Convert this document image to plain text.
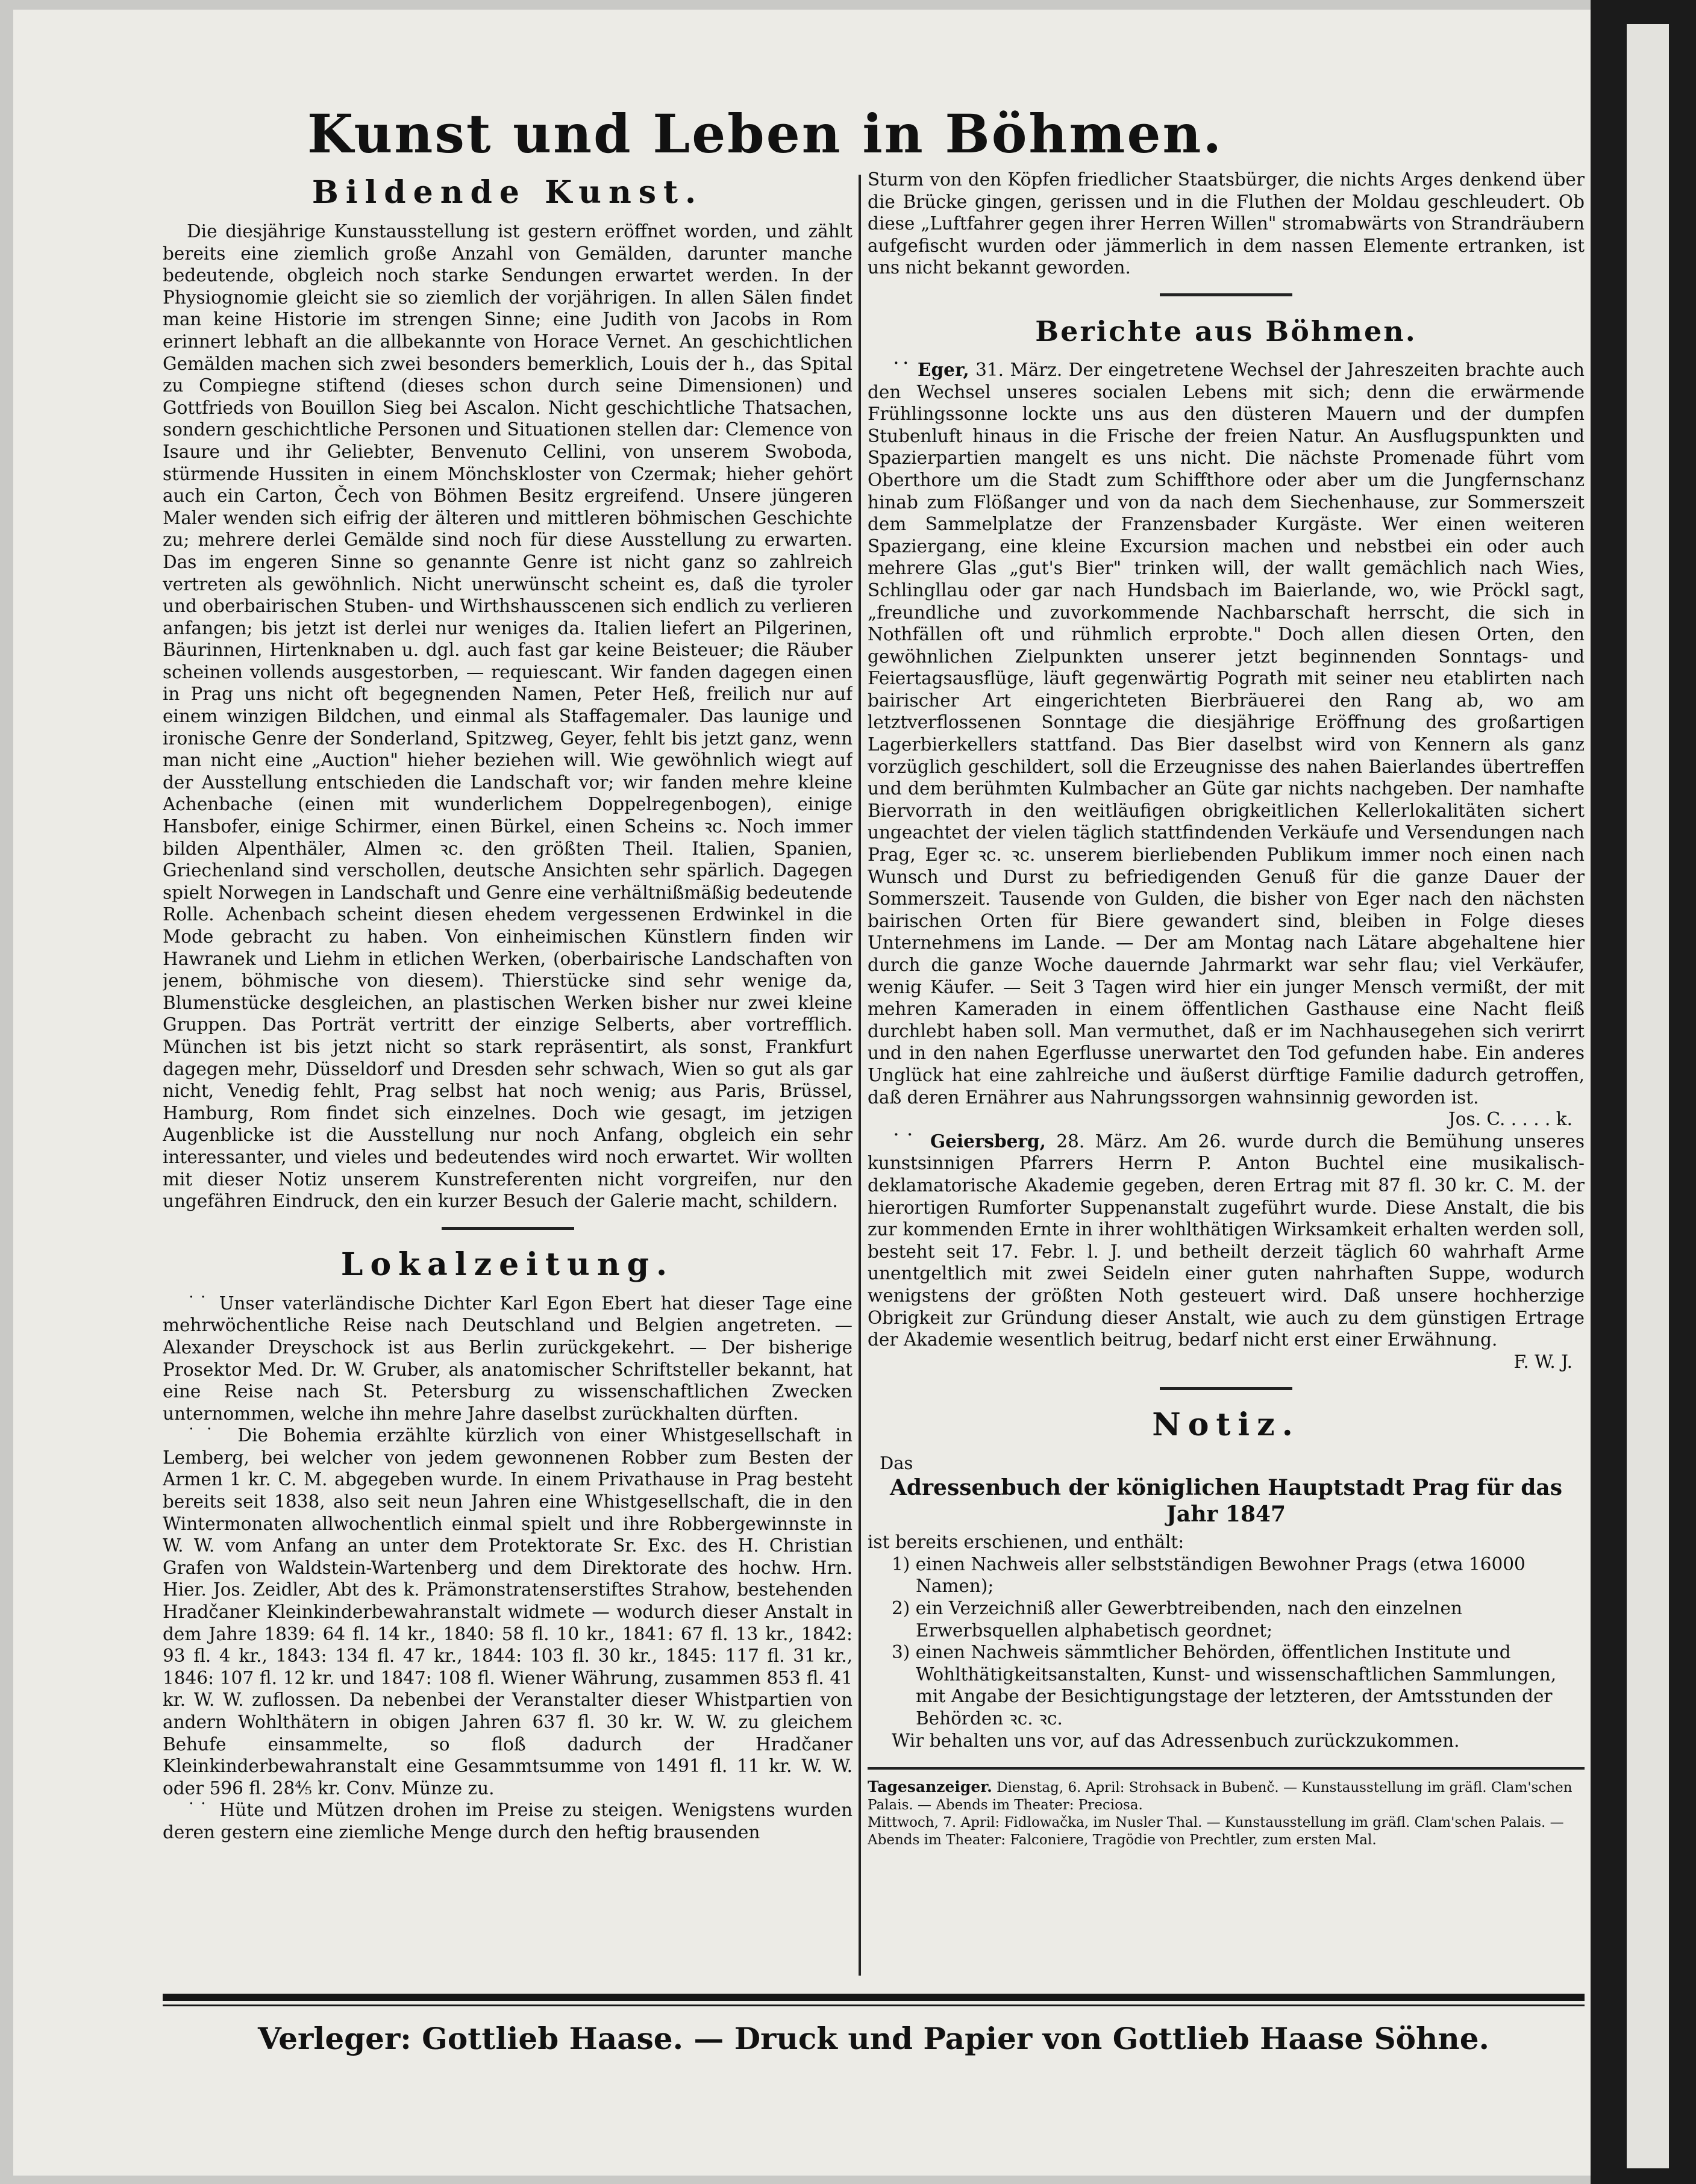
Kunst und Leben in Böhmen.
Bildende Kunst.

Die diesjährige Kunstausstellung ist gestern eröffnet worden, und zählt bereits eine ziemlich große Anzahl von Gemälden, darunter manche bedeutende, obgleich noch starke Sendungen erwartet werden. In der Physiognomie gleicht sie so ziemlich der vorjährigen. In allen Sälen findet man keine Historie im strengen Sinne; eine Judith von Jacobs in Rom erinnert lebhaft an die allbekannte von Horace Vernet. An geschichtlichen Gemälden machen sich zwei besonders bemerklich, Louis der h., das Spital zu Compiegne stiftend (dieses schon durch seine Dimensionen) und Gottfrieds von Bouillon Sieg bei Ascalon. Nicht geschichtliche Thatsachen, sondern geschichtliche Personen und Situationen stellen dar: Clemence von Isaure und ihr Geliebter, Benvenuto Cellini, von unserem Swoboda, stürmende Hussiten in einem Mönchskloster von Czermak; hieher gehört auch ein Carton, Čech von Böhmen Besitz ergreifend. Unsere jüngeren Maler wenden sich eifrig der älteren und mittleren böhmischen Geschichte zu; mehrere derlei Gemälde sind noch für diese Ausstellung zu erwarten. Das im engeren Sinne so genannte Genre ist nicht ganz so zahlreich vertreten als gewöhnlich. Nicht unerwünscht scheint es, daß die tyroler und oberbairischen Stuben- und Wirthshausscenen sich endlich zu verlieren anfangen; bis jetzt ist derlei nur weniges da. Italien liefert an Pilgerinen, Bäurinnen, Hirtenknaben u. dgl. auch fast gar keine Beisteuer; die Räuber scheinen vollends ausgestorben, — requiescant. Wir fanden dagegen einen in Prag uns nicht oft begegnenden Namen, Peter Heß, freilich nur auf einem winzigen Bildchen, und einmal als Staffagemaler. Das launige und ironische Genre der Sonderland, Spitzweg, Geyer, fehlt bis jetzt ganz, wenn man nicht eine „Auction" hieher beziehen will. Wie gewöhnlich wiegt auf der Ausstellung entschieden die Landschaft vor; wir fanden mehre kleine Achenbache (einen mit wunderlichem Doppelregenbogen), einige Hansbofer, einige Schirmer, einen Bürkel, einen Scheins ꝛc. Noch immer bilden Alpenthäler, Almen ꝛc. den größten Theil. Italien, Spanien, Griechenland sind verschollen, deutsche Ansichten sehr spärlich. Dagegen spielt Norwegen in Landschaft und Genre eine verhältnißmäßig bedeutende Rolle. Achenbach scheint diesen ehedem vergessenen Erdwinkel in die Mode gebracht zu haben. Von einheimischen Künstlern finden wir Hawranek und Liehm in etlichen Werken, (oberbairische Landschaften von jenem, böhmische von diesem). Thierstücke sind sehr wenige da, Blumenstücke desgleichen, an plastischen Werken bisher nur zwei kleine Gruppen. Das Porträt vertritt der einzige Selberts, aber vortrefflich. München ist bis jetzt nicht so stark repräsentirt, als sonst, Frankfurt dagegen mehr, Düsseldorf und Dresden sehr schwach, Wien so gut als gar nicht, Venedig fehlt, Prag selbst hat noch wenig; aus Paris, Brüssel, Hamburg, Rom findet sich einzelnes. Doch wie gesagt, im jetzigen Augenblicke ist die Ausstellung nur noch Anfang, obgleich ein sehr interessanter, und vieles und bedeutendes wird noch erwartet. Wir wollten mit dieser Notiz unserem Kunstreferenten nicht vorgreifen, nur den ungefähren Eindruck, den ein kurzer Besuch der Galerie macht, schildern.

Lokalzeitung.

˙˙ Unser vaterländische Dichter Karl Egon Ebert hat dieser Tage eine mehrwöchentliche Reise nach Deutschland und Belgien angetreten. — Alexander Dreyschock ist aus Berlin zurückgekehrt. — Der bisherige Prosektor Med. Dr. W. Gruber, als anatomischer Schriftsteller bekannt, hat eine Reise nach St. Petersburg zu wissenschaftlichen Zwecken unternommen, welche ihn mehre Jahre daselbst zurückhalten dürften.

˙˙ Die Bohemia erzählte kürzlich von einer Whistgesellschaft in Lemberg, bei welcher von jedem gewonnenen Robber zum Besten der Armen 1 kr. C. M. abgegeben wurde. In einem Privathause in Prag besteht bereits seit 1838, also seit neun Jahren eine Whistgesellschaft, die in den Wintermonaten allwochentlich einmal spielt und ihre Robbergewinnste in W. W. vom Anfang an unter dem Protektorate Sr. Exc. des H. Christian Grafen von Waldstein-Wartenberg und dem Direktorate des hochw. Hrn. Hier. Jos. Zeidler, Abt des k. Prämonstratenserstiftes Strahow, bestehenden Hradčaner Kleinkinderbewahranstalt widmete — wodurch dieser Anstalt in dem Jahre 1839: 64 fl. 14 kr., 1840: 58 fl. 10 kr., 1841: 67 fl. 13 kr., 1842: 93 fl. 4 kr., 1843: 134 fl. 47 kr., 1844: 103 fl. 30 kr., 1845: 117 fl. 31 kr., 1846: 107 fl. 12 kr. und 1847: 108 fl. Wiener Währung, zusammen 853 fl. 41 kr. W. W. zuflossen. Da nebenbei der Veranstalter dieser Whistpartien von andern Wohlthätern in obigen Jahren 637 fl. 30 kr. W. W. zu gleichem Behufe einsammelte, so floß dadurch der Hradčaner Kleinkinderbewahranstalt eine Gesammtsumme von 1491 fl. 11 kr. W. W. oder 596 fl. 28⅘ kr. Conv. Münze zu.

˙˙ Hüte und Mützen drohen im Preise zu steigen. Wenigstens wurden deren gestern eine ziemliche Menge durch den heftig brausenden

Sturm von den Köpfen friedlicher Staatsbürger, die nichts Arges denkend über die Brücke gingen, gerissen und in die Fluthen der Moldau geschleudert. Ob diese „Luftfahrer gegen ihrer Herren Willen" stromabwärts von Strandräubern aufgefischt wurden oder jämmerlich in dem nassen Elemente ertranken, ist uns nicht bekannt geworden.

Berichte aus Böhmen.

˙˙ Eger, 31. März. Der eingetretene Wechsel der Jahreszeiten brachte auch den Wechsel unseres socialen Lebens mit sich; denn die erwärmende Frühlingssonne lockte uns aus den düsteren Mauern und der dumpfen Stubenluft hinaus in die Frische der freien Natur. An Ausflugspunkten und Spazierpartien mangelt es uns nicht. Die nächste Promenade führt vom Oberthore um die Stadt zum Schiffthore oder aber um die Jungfernschanz hinab zum Flößanger und von da nach dem Siechenhause, zur Sommerszeit dem Sammelplatze der Franzensbader Kurgäste. Wer einen weiteren Spaziergang, eine kleine Excursion machen und nebstbei ein oder auch mehrere Glas „gut's Bier" trinken will, der wallt gemächlich nach Wies, Schlingllau oder gar nach Hundsbach im Baierlande, wo, wie Pröckl sagt, „freundliche und zuvorkommende Nachbarschaft herrscht, die sich in Nothfällen oft und rühmlich erprobte." Doch allen diesen Orten, den gewöhnlichen Zielpunkten unserer jetzt beginnenden Sonntags- und Feiertagsausflüge, läuft gegenwärtig Pograth mit seiner neu etablirten nach bairischer Art eingerichteten Bierbräuerei den Rang ab, wo am letztverflossenen Sonntage die diesjährige Eröffnung des großartigen Lagerbierkellers stattfand. Das Bier daselbst wird von Kennern als ganz vorzüglich geschildert, soll die Erzeugnisse des nahen Baierlandes übertreffen und dem berühmten Kulmbacher an Güte gar nichts nachgeben. Der namhafte Biervorrath in den weitläufigen obrigkeitlichen Kellerlokalitäten sichert ungeachtet der vielen täglich stattfindenden Verkäufe und Versendungen nach Prag, Eger ꝛc. ꝛc. unserem bierliebenden Publikum immer noch einen nach Wunsch und Durst zu befriedigenden Genuß für die ganze Dauer der Sommerszeit. Tausende von Gulden, die bisher von Eger nach den nächsten bairischen Orten für Biere gewandert sind, bleiben in Folge dieses Unternehmens im Lande. — Der am Montag nach Lätare abgehaltene hier durch die ganze Woche dauernde Jahrmarkt war sehr flau; viel Verkäufer, wenig Käufer. — Seit 3 Tagen wird hier ein junger Mensch vermißt, der mit mehren Kameraden in einem öffentlichen Gasthause eine Nacht fleiß durchlebt haben soll. Man vermuthet, daß er im Nachhausegehen sich verirrt und in den nahen Egerflusse unerwartet den Tod gefunden habe. Ein anderes Unglück hat eine zahlreiche und äußerst dürftige Familie dadurch getroffen, daß deren Ernährer aus Nahrungssorgen wahnsinnig geworden ist.

Jos. C. . . . . k.

˙˙ Geiersberg, 28. März. Am 26. wurde durch die Bemühung unseres kunstsinnigen Pfarrers Herrn P. Anton Buchtel eine musikalisch-deklamatorische Akademie gegeben, deren Ertrag mit 87 fl. 30 kr. C. M. der hierortigen Rumforter Suppenanstalt zugeführt wurde. Diese Anstalt, die bis zur kommenden Ernte in ihrer wohlthätigen Wirksamkeit erhalten werden soll, besteht seit 17. Febr. l. J. und betheilt derzeit täglich 60 wahrhaft Arme unentgeltlich mit zwei Seideln einer guten nahrhaften Suppe, wodurch wenigstens der größten Noth gesteuert wird. Daß unsere hochherzige Obrigkeit zur Gründung dieser Anstalt, wie auch zu dem günstigen Ertrage der Akademie wesentlich beitrug, bedarf nicht erst einer Erwähnung.

F. W. J.
Notiz.
Das
Adressenbuch der königlichen Hauptstadt Prag für das Jahr 1847

ist bereits erschienen, und enthält:

1) einen Nachweis aller selbstständigen Bewohner Prags (etwa 16000 Namen);
2) ein Verzeichniß aller Gewerbtreibenden, nach den einzelnen Erwerbsquellen alphabetisch geordnet;
3) einen Nachweis sämmtlicher Behörden, öffentlichen Institute und Wohlthätigkeitsanstalten, Kunst- und wissenschaftlichen Sammlungen, mit Angabe der Besichtigungstage der letzteren, der Amtsstunden der Behörden ꝛc. ꝛc.

Wir behalten uns vor, auf das Adressenbuch zurückzukommen.

Tagesanzeiger. Dienstag, 6. April: Strohsack in Bubenč. — Kunstausstellung im gräfl. Clam'schen Palais. — Abends im Theater: Preciosa.

Mittwoch, 7. April: Fidlowačka, im Nusler Thal. — Kunstausstellung im gräfl. Clam'schen Palais. — Abends im Theater: Falconiere, Tragödie von Prechtler, zum ersten Mal.

Verleger: Gottlieb Haase. — Druck und Papier von Gottlieb Haase Söhne.
